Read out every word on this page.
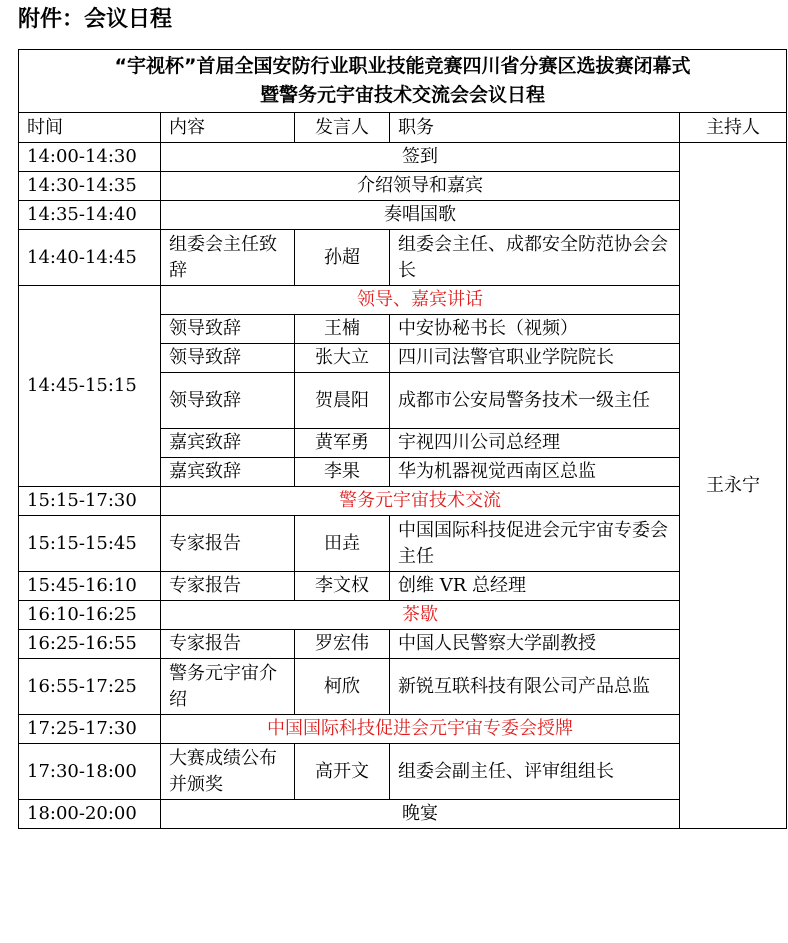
附件：会议日程
“宇视杯”首届全国安防行业职业技能竞赛四川省分赛区选拔赛闭幕式
暨警务元宇宙技术交流会会议日程				

时间	内容	发言人	职务	主持人
14:00-14:30	签到			王永宁
14:30-14:35	介绍领导和嘉宾			
14:35-14:40	奏唱国歌			
14:40-14:45	组委会主任致辞	孙超	组委会主任、成都安全防范协会会长	
14:45-15:15	领导、嘉宾讲话			
	领导致辞	王楠	中安协秘书长（视频）	
	领导致辞	张大立	四川司法警官职业学院院长	
	领导致辞	贺晨阳	成都市公安局警务技术一级主任	
	嘉宾致辞	黄军勇	宇视四川公司总经理	
	嘉宾致辞	李果	华为机器视觉西南区总监	
15:15-17:30	警务元宇宙技术交流			
15:15-15:45	专家报告	田垚	中国国际科技促进会元宇宙专委会主任	
15:45-16:10	专家报告	李文权	创维 VR 总经理	
16:10-16:25	茶歇			
16:25-16:55	专家报告	罗宏伟	中国人民警察大学副教授	
16:55-17:25	警务元宇宙介绍	柯欣	新锐互联科技有限公司产品总监	
17:25-17:30	中国国际科技促进会元宇宙专委会授牌			
17:30-18:00	大赛成绩公布并颁奖	高开文	组委会副主任、评审组组长	
18:00-20:00	晚宴			
